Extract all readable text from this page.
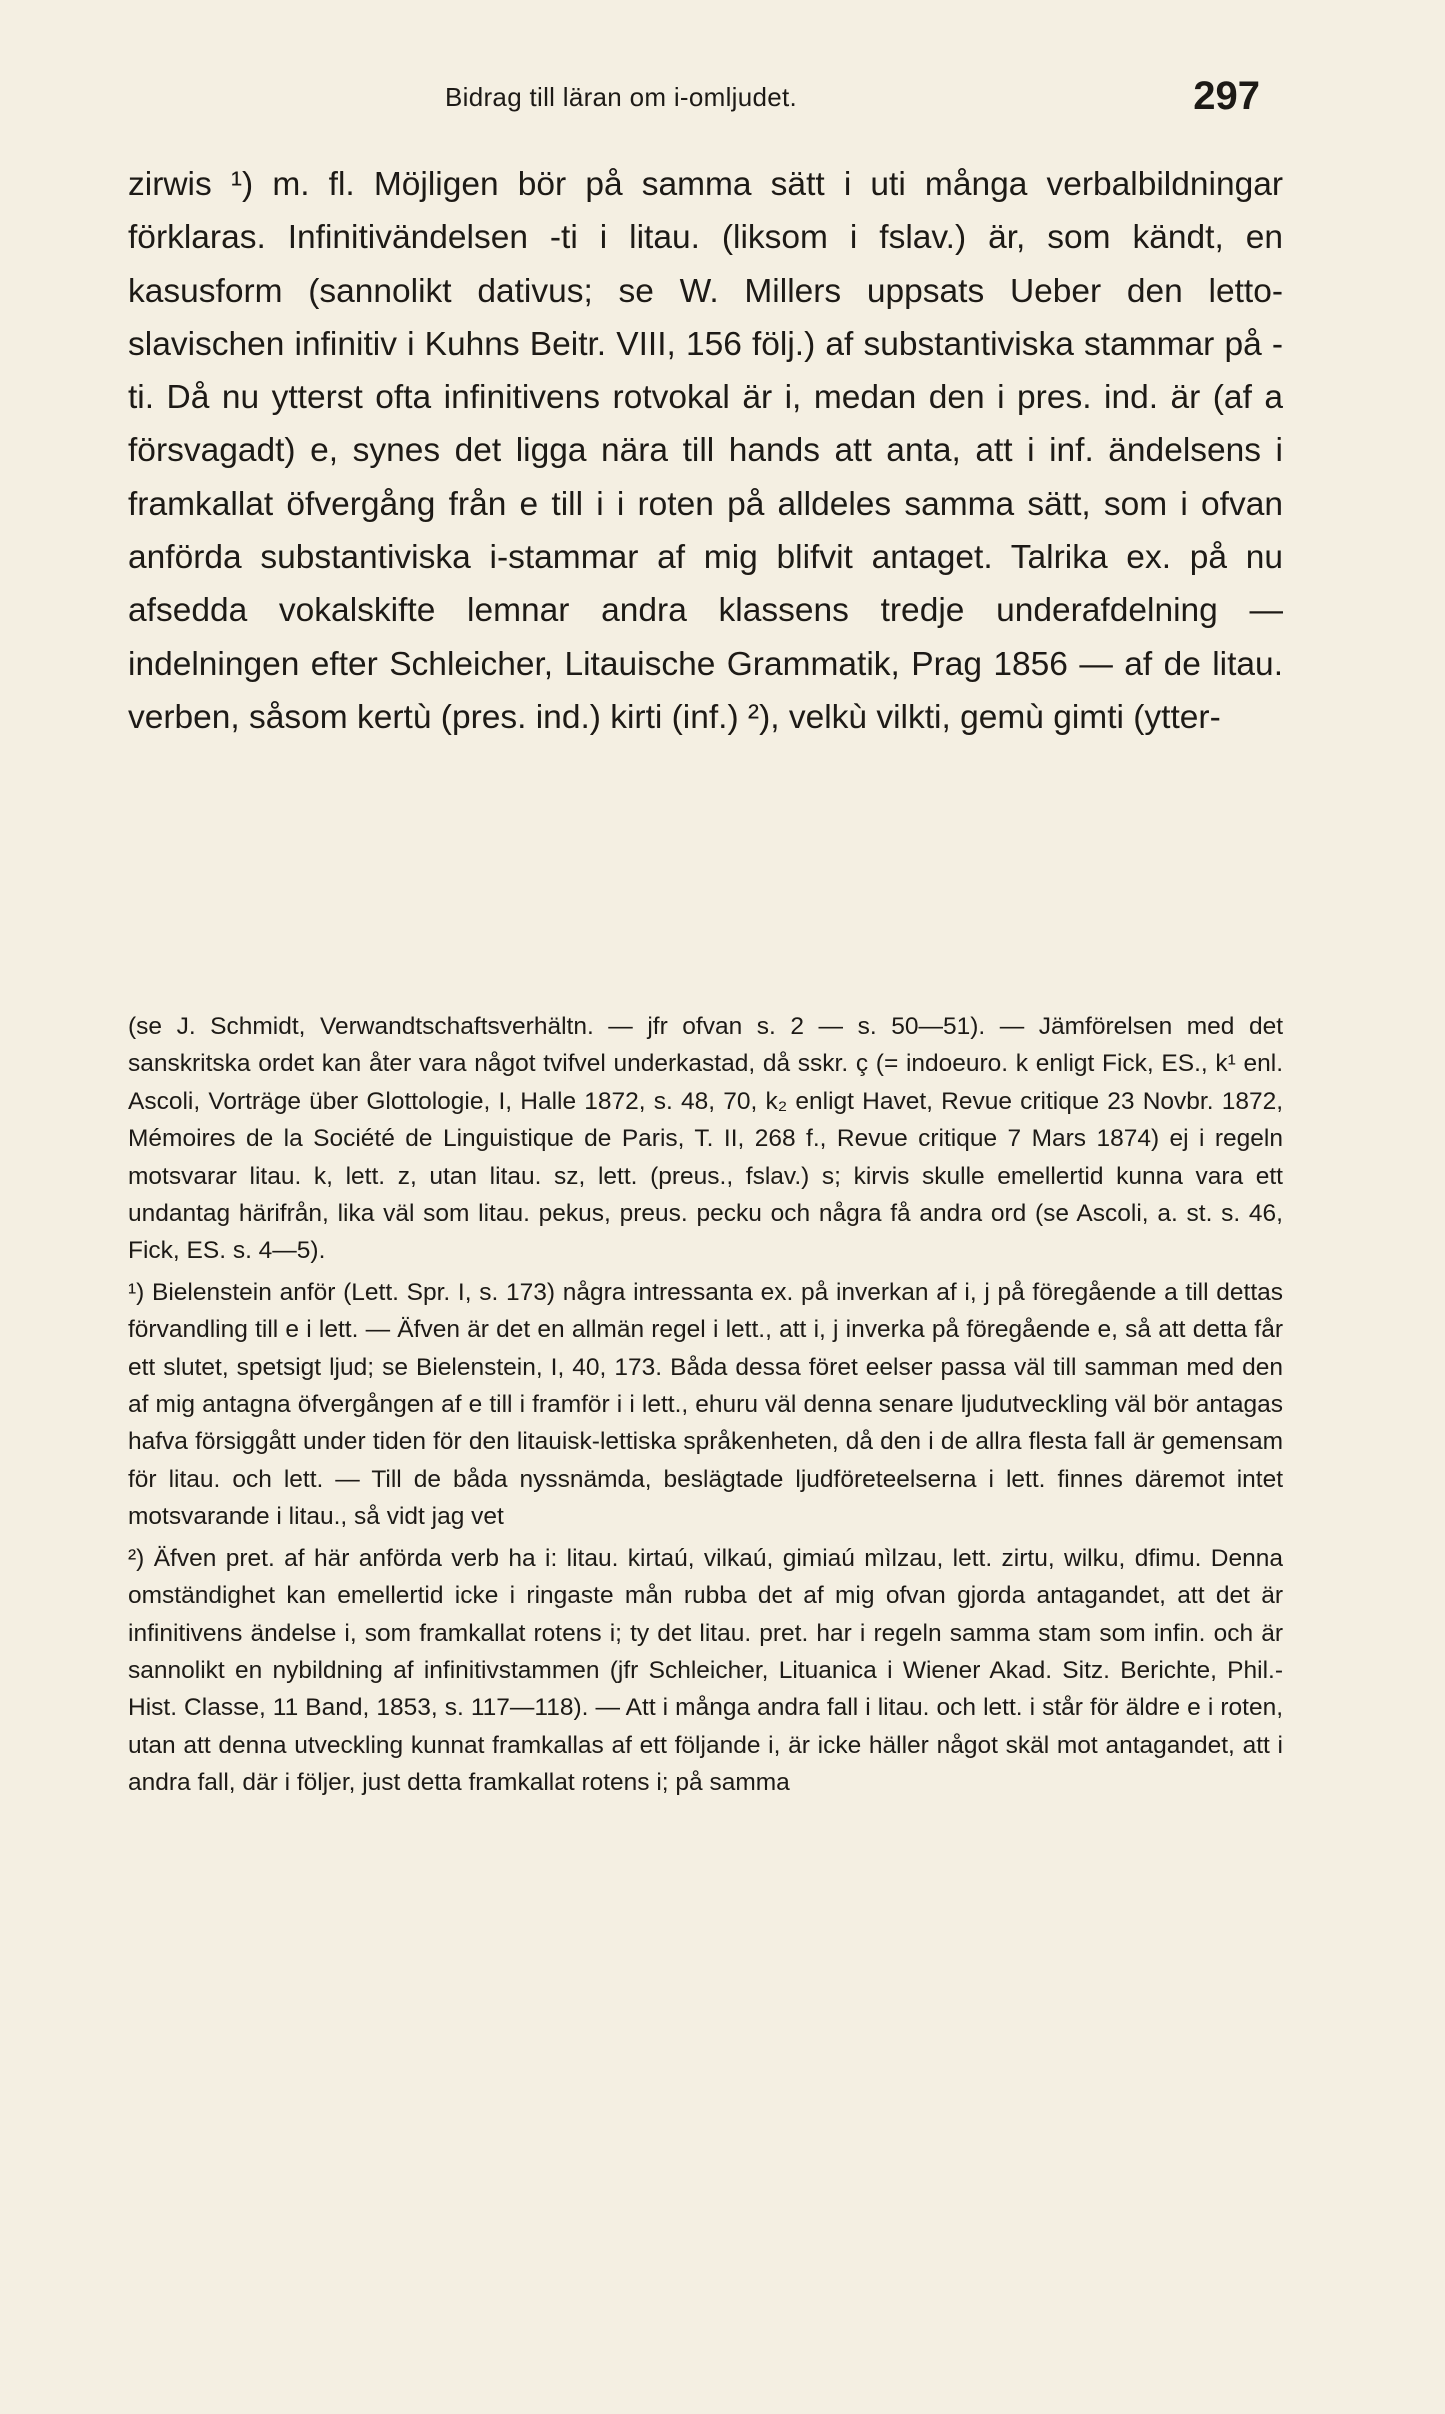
Bidrag till läran om i-omljudet.	297

zirwis ¹) m. fl. Möjligen bör på samma sätt i uti många verbalbildningar förklaras. Infinitivändelsen -ti i litau. (liksom i fslav.) är, som kändt, en kasusform (sannolikt dativus; se W. Millers uppsats Ueber den letto-slavischen infinitiv i Kuhns Beitr. VIII, 156 följ.) af substantiviska stammar på -ti. Då nu ytterst ofta infinitivens rotvokal är i, medan den i pres. ind. är (af a försvagadt) e, synes det ligga nära till hands att anta, att i inf. ändelsens i framkallat öfvergång från e till i i roten på alldeles samma sätt, som i ofvan anförda substantiviska i-stammar af mig blifvit antaget. Talrika ex. på nu afsedda vokalskifte lemnar andra klassens tredje underafdelning — indelningen efter Schleicher, Litauische Grammatik, Prag 1856 — af de litau. verben, såsom kertù (pres. ind.) kirti (inf.) ²), velkù vilkti, gemù gimti (ytter-

(se J. Schmidt, Verwandtschaftsverhältn. — jfr ofvan s. 2 — s. 50—51). — Jämförelsen med det sanskritska ordet kan åter vara något tvifvel underkastad, då sskr. ç (= indoeuro. k enligt Fick, ES., k¹ enl. Ascoli, Vorträge über Glottologie, I, Halle 1872, s. 48, 70, k₂ enligt Havet, Revue critique 23 Novbr. 1872, Mémoires de la Société de Linguistique de Paris, T. II, 268 f., Revue critique 7 Mars 1874) ej i regeln motsvarar litau. k, lett. z, utan litau. sz, lett. (preus., fslav.) s; kirvis skulle emellertid kunna vara ett undantag härifrån, lika väl som litau. pekus, preus. pecku och några få andra ord (se Ascoli, a. st. s. 46, Fick, ES. s. 4—5).

¹) Bielenstein anför (Lett. Spr. I, s. 173) några intressanta ex. på inverkan af i, j på föregående a till dettas förvandling till e i lett. — Äfven är det en allmän regel i lett., att i, j inverka på föregående e, så att detta får ett slutet, spetsigt ljud; se Bielenstein, I, 40, 173. Båda dessa föret eelser passa väl till samman med den af mig antagna öfvergången af e till i framför i i lett., ehuru väl denna senare ljudutveckling väl bör antagas hafva försiggått under tiden för den litauisk-lettiska språkenheten, då den i de allra flesta fall är gemensam för litau. och lett. — Till de båda nyssnämda, beslägtade ljudföreteelserna i lett. finnes däremot intet motsvarande i litau., så vidt jag vet

²) Äfven pret. af här anförda verb ha i: litau. kirtaú, vilkaú, gimiaú mìlzau, lett. zirtu, wilku, dfimu. Denna omständighet kan emellertid icke i ringaste mån rubba det af mig ofvan gjorda antagandet, att det är infinitivens ändelse i, som framkallat rotens i; ty det litau. pret. har i regeln samma stam som infin. och är sannolikt en nybildning af infinitivstammen (jfr Schleicher, Lituanica i Wiener Akad. Sitz. Berichte, Phil.-Hist. Classe, 11 Band, 1853, s. 117—118). — Att i många andra fall i litau. och lett. i står för äldre e i roten, utan att denna utveckling kunnat framkallas af ett följande i, är icke häller något skäl mot antagandet, att i andra fall, där i följer, just detta framkallat rotens i; på samma
